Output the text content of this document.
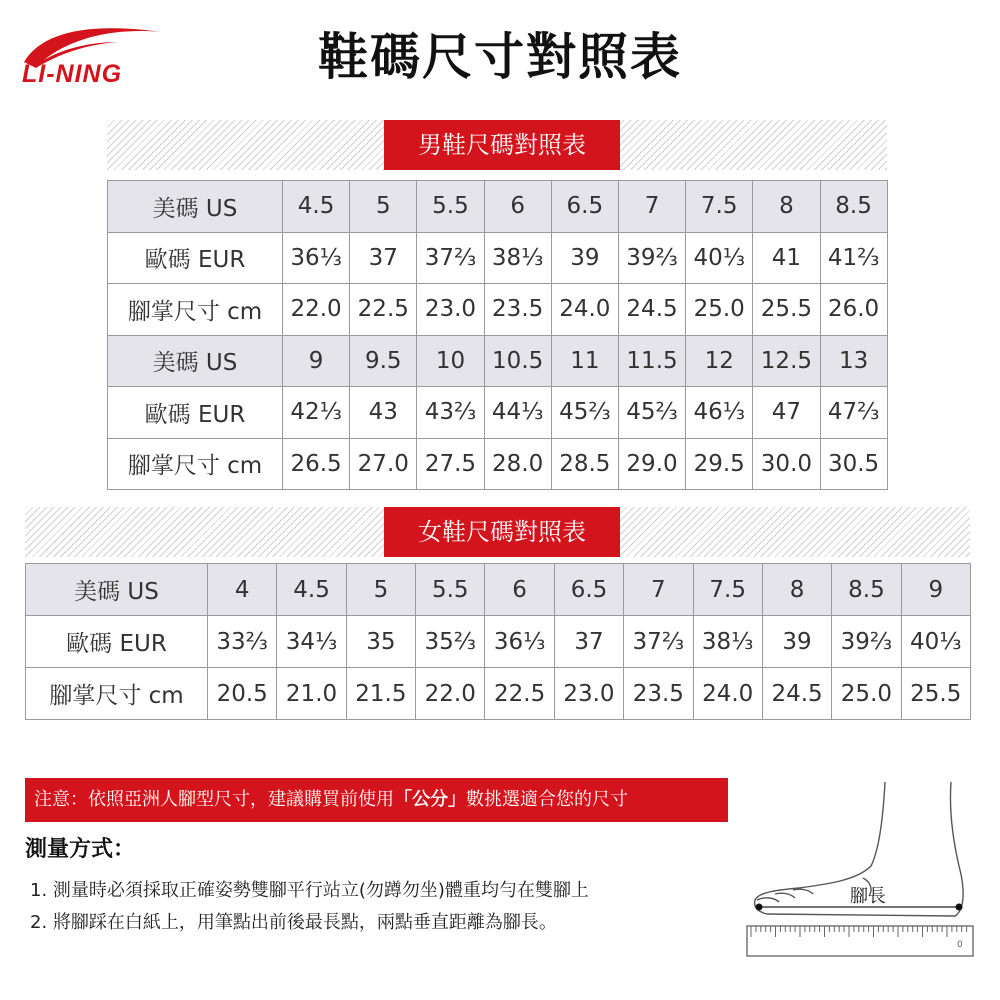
LI-NING	鞋碼尺寸對照表
男鞋尺碼對照表
美碼 US	4.5	5	5.5	6	6.5	7	7.5	8	8.5
歐碼 EUR	36⅓	37	37⅔	38⅓	39	39⅔	40⅓	41	41⅔
腳掌尺寸 cm	22.0	22.5	23.0	23.5	24.0	24.5	25.0	25.5	26.0
美碼 US	9	9.5	10	10.5	11	11.5	12	12.5	13
歐碼 EUR	42⅓	43	43⅔	44⅓	45⅔	45⅔	46⅓	47	47⅔
腳掌尺寸 cm	26.5	27.0	27.5	28.0	28.5	29.0	29.5	30.0	30.5
女鞋尺碼對照表
美碼 US	4	4.5	5	5.5	6	6.5	7	7.5	8	8.5	9
歐碼 EUR	33⅔	34⅓	35	35⅔	36⅓	37	37⅔	38⅓	39	39⅔	40⅓
腳掌尺寸 cm	20.5	21.0	21.5	22.0	22.5	23.0	23.5	24.0	24.5	25.0	25.5
注意：依照亞洲人腳型尺寸，建議購買前使用「公分」數挑選適合您的尺寸
測量方式：
1. 測量時必須採取正確姿勢雙腳平行站立(勿蹲勿坐)體重均勻在雙腳上
2. 將腳踩在白紙上，用筆點出前後最長點，兩點垂直距離為腳長。
腳長
0
